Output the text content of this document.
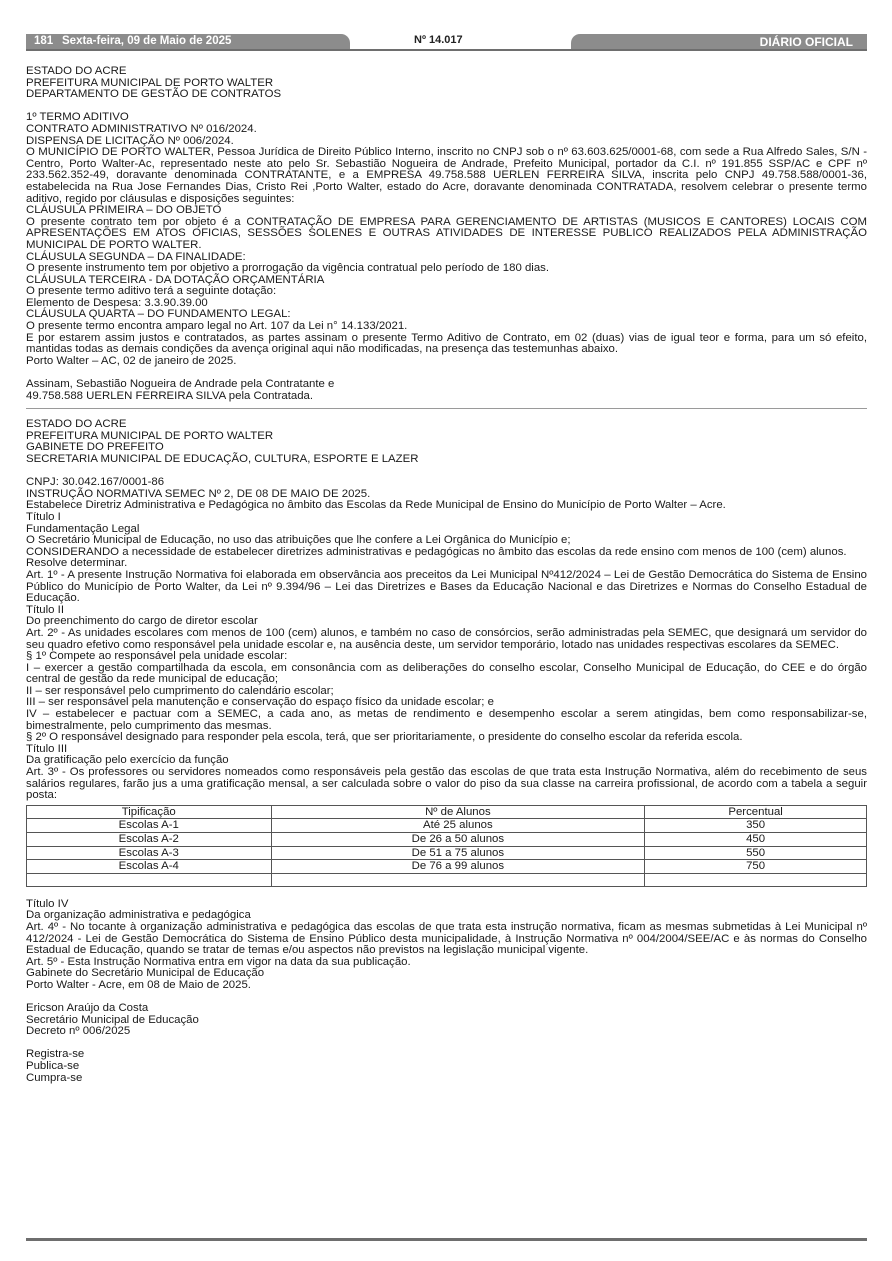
181 Sexta-feira, 09 de Maio de 2025	Nº 14.017	DIÁRIO OFICIAL

ESTADO DO ACRE

PREFEITURA MUNICIPAL DE PORTO WALTER

DEPARTAMENTO DE GESTÃO DE CONTRATOS

1º TERMO ADITIVO

CONTRATO ADMINISTRATIVO Nº 016/2024.

DISPENSA DE LICITAÇÃO Nº 006/2024.

O MUNICÍPIO DE PORTO WALTER, Pessoa Jurídica de Direito Público Interno, inscrito no CNPJ sob o nº 63.603.625/0001-68, com sede a Rua Alfredo Sales, S/N - Centro, Porto Walter-Ac, representado neste ato pelo Sr. Sebastião Nogueira de Andrade, Prefeito Municipal, portador da C.I. nº 191.855 SSP/AC e CPF nº 233.562.352-49, doravante denominada CONTRATANTE, e a EMPRESA 49.758.588 UERLEN FERREIRA SILVA, inscrita pelo CNPJ 49.758.588/0001-36, estabelecida na Rua Jose Fernandes Dias, Cristo Rei ,Porto Walter, estado do Acre, doravante denominada CONTRATADA, resolvem celebrar o presente termo aditivo, regido por cláusulas e disposições seguintes:

CLÁUSULA PRIMEIRA – DO OBJETO

O presente contrato tem por objeto é a CONTRATAÇÃO DE EMPRESA PARA GERENCIAMENTO DE ARTISTAS (MUSICOS E CANTORES) LOCAIS COM APRESENTAÇÕES EM ATOS OFICIAS, SESSÕES SOLENES E OUTRAS ATIVIDADES DE INTERESSE PUBLICO REALIZADOS PELA ADMINISTRAÇÃO MUNICIPAL DE PORTO WALTER.

CLÁUSULA SEGUNDA – DA FINALIDADE:

O presente instrumento tem por objetivo a prorrogação da vigência contratual pelo período de 180 dias.

CLÁUSULA TERCEIRA - DA DOTAÇÃO ORÇAMENTÁRIA

O presente termo aditivo terá a seguinte dotação:

Elemento de Despesa: 3.3.90.39.00

CLÁUSULA QUARTA – DO FUNDAMENTO LEGAL:

O presente termo encontra amparo legal no Art. 107 da Lei n° 14.133/2021.

E por estarem assim justos e contratados, as partes assinam o presente Termo Aditivo de Contrato, em 02 (duas) vias de igual teor e forma, para um só efeito, mantidas todas as demais condições da avença original aqui não modificadas, na presença das testemunhas abaixo.

Porto Walter – AC, 02 de janeiro de 2025.

Assinam, Sebastião Nogueira de Andrade pela Contratante e

49.758.588 UERLEN FERREIRA SILVA pela Contratada.

ESTADO DO ACRE

PREFEITURA MUNICIPAL DE PORTO WALTER

GABINETE DO PREFEITO

SECRETARIA MUNICIPAL DE EDUCAÇÃO, CULTURA, ESPORTE E LAZER

CNPJ: 30.042.167/0001-86

INSTRUÇÃO NORMATIVA SEMEC Nº 2, DE 08 DE MAIO DE 2025.

Estabelece Diretriz Administrativa e Pedagógica no âmbito das Escolas da Rede Municipal de Ensino do Município de Porto Walter – Acre.

Título I

Fundamentação Legal

O Secretário Municipal de Educação, no uso das atribuições que lhe confere a Lei Orgânica do Município e;

CONSIDERANDO a necessidade de estabelecer diretrizes administrativas e pedagógicas no âmbito das escolas da rede ensino com menos de 100 (cem) alunos.

Resolve determinar.

Art. 1º - A presente Instrução Normativa foi elaborada em observância aos preceitos da Lei Municipal Nº412/2024 – Lei de Gestão Democrática do Sistema de Ensino Público do Município de Porto Walter, da Lei nº 9.394/96 – Lei das Diretrizes e Bases da Educação Nacional e das Diretrizes e Normas do Conselho Estadual de Educação.

Título II

Do preenchimento do cargo de diretor escolar

Art. 2º - As unidades escolares com menos de 100 (cem) alunos, e também no caso de consórcios, serão administradas pela SEMEC, que designará um servidor do seu quadro efetivo como responsável pela unidade escolar e, na ausência deste, um servidor temporário, lotado nas unidades respectivas escolares da SEMEC.

§ 1º Compete ao responsável pela unidade escolar:

I – exercer a gestão compartilhada da escola, em consonância com as deliberações do conselho escolar, Conselho Municipal de Educação, do CEE e do órgão central de gestão da rede municipal de educação;

II – ser responsável pelo cumprimento do calendário escolar;

III – ser responsável pela manutenção e conservação do espaço físico da unidade escolar; e

IV – estabelecer e pactuar com a SEMEC, a cada ano, as metas de rendimento e desempenho escolar a serem atingidas, bem como responsabilizar-se, bimestralmente, pelo cumprimento das mesmas.

§ 2º O responsável designado para responder pela escola, terá, que ser prioritariamente, o presidente do conselho escolar da referida escola.

Título III

Da gratificação pelo exercício da função

Art. 3º - Os professores ou servidores nomeados como responsáveis pela gestão das escolas de que trata esta Instrução Normativa, além do recebimento de seus salários regulares, farão jus a uma gratificação mensal, a ser calculada sobre o valor do piso da sua classe na carreira profissional, de acordo com a tabela a seguir posta:

Tipificação	Nº de Alunos	Percentual
Escolas A-1	Até 25 alunos	350
Escolas A-2	De 26 a 50 alunos	450
Escolas A-3	De 51 a 75 alunos	550
Escolas A-4	De 76 a 99 alunos	750

Título IV

Da organização administrativa e pedagógica

Art. 4º - No tocante à organização administrativa e pedagógica das escolas de que trata esta instrução normativa, ficam as mesmas submetidas à Lei Municipal nº 412/2024 - Lei de Gestão Democrática do Sistema de Ensino Público desta municipalidade, à Instrução Normativa nº 004/2004/SEE/AC e às normas do Conselho Estadual de Educação, quando se tratar de temas e/ou aspectos não previstos na legislação municipal vigente.

Art. 5º - Esta Instrução Normativa entra em vigor na data da sua publicação.

Gabinete do Secretário Municipal de Educação

Porto Walter - Acre, em 08 de Maio de 2025.

Ericson Araújo da Costa

Secretário Municipal de Educação

Decreto nº 006/2025

Registra-se

Publica-se

Cumpra-se
